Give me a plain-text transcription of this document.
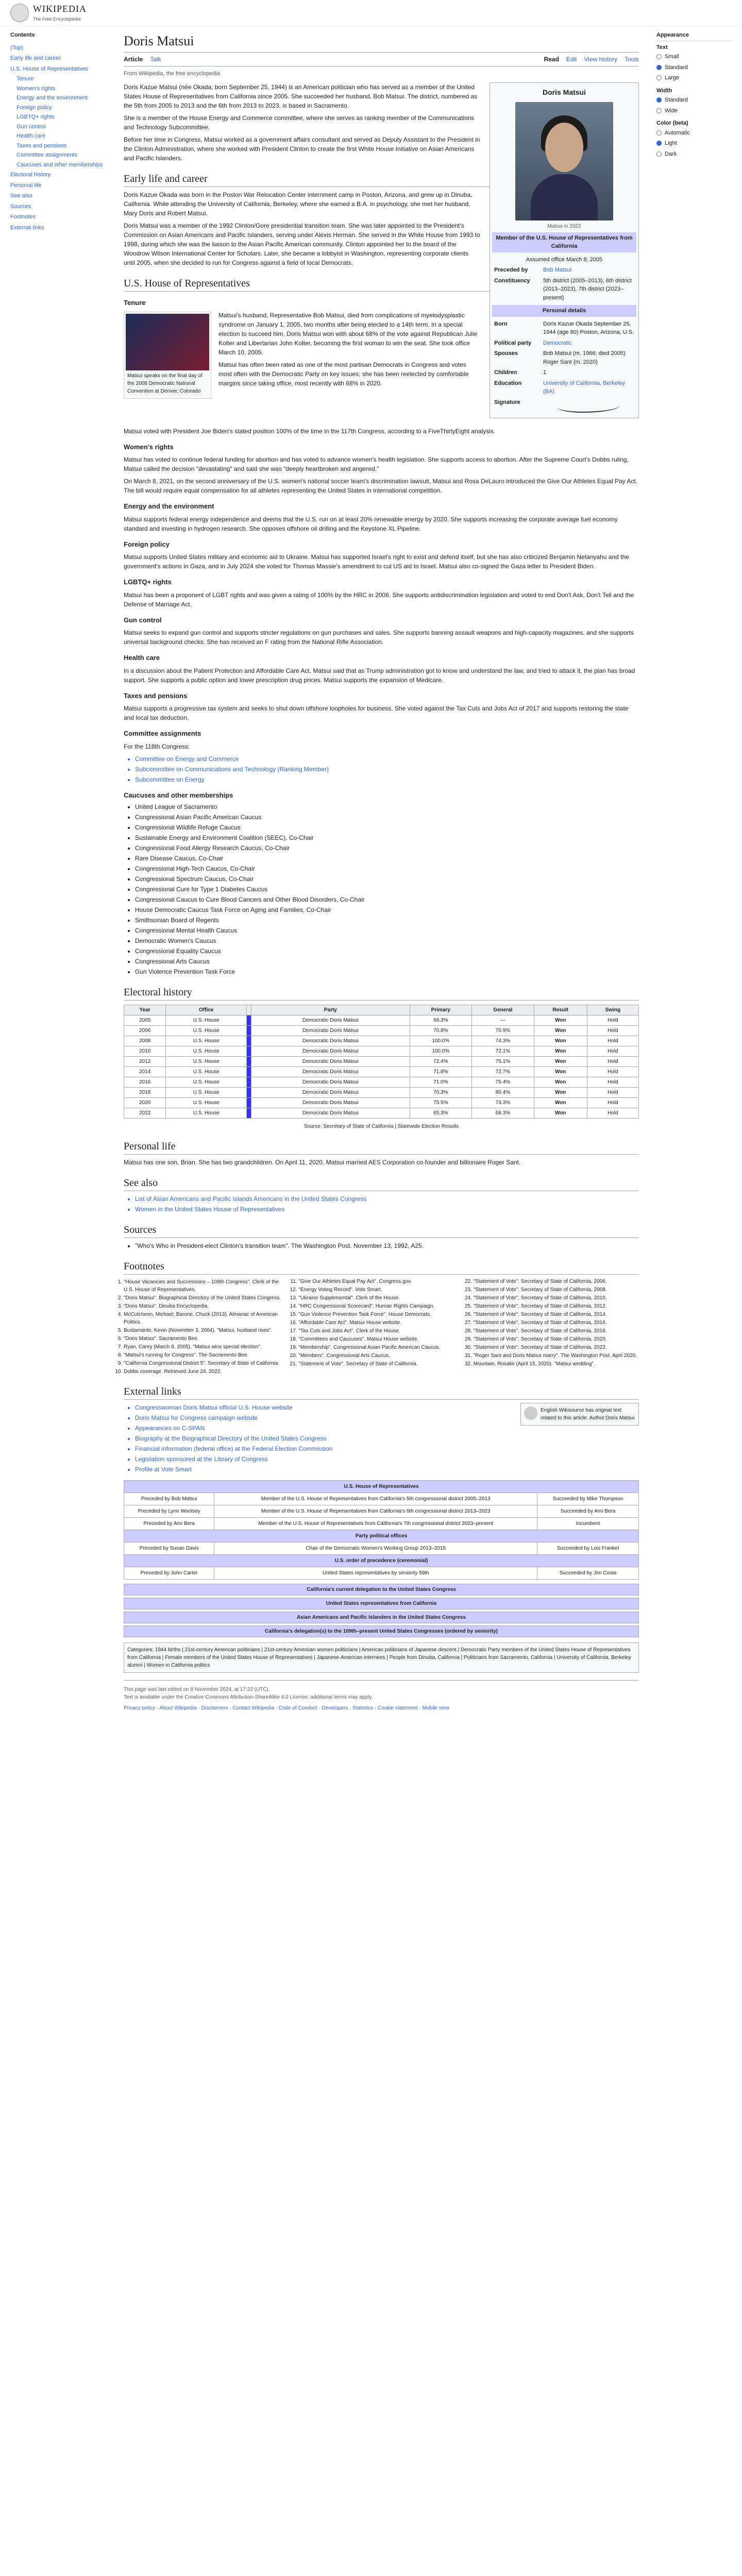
WIKIPEDIA
The Free Encyclopedia
Contents
(Top)
Early life and career
U.S. House of Representatives
Tenure
Women's rights
Energy and the environment
Foreign policy
LGBTQ+ rights
Gun control
Health care
Taxes and pensions
Committee assignments
Caucuses and other memberships
Electoral history
Personal life
See also
Sources
Footnotes
External links
Doris Matsui
Article Talk	Read Edit View history Tools
From Wikipedia, the free encyclopedia
Doris Matsui
Matsui in 2022
Member of the U.S. House of Representatives from California
Assumed office March 8, 2005
Preceded by	Bob Matsui
Constituency	5th district (2005–2013), 6th district (2013–2023), 7th district (2023–present)
Personal details
Born	Doris Kazue Okada September 25, 1944 (age 80) Poston, Arizona, U.S.
Political party	Democratic
Spouses	Bob Matsui (m. 1966; died 2005) Roger Sant (m. 2020)
Children	1
Education	University of California, Berkeley (BA)
Signature

Doris Kazue Matsui (née Okada; born September 25, 1944) is an American politician who has served as a member of the United States House of Representatives from California since 2005. She succeeded her husband, Bob Matsui. The district, numbered as the 5th from 2005 to 2013 and the 6th from 2013 to 2023, is based in Sacramento.

She is a member of the House Energy and Commerce committee, where she serves as ranking member of the Communications and Technology Subcommittee.

Before her time in Congress, Matsui worked as a government affairs consultant and served as Deputy Assistant to the President in the Clinton Administration, where she worked with President Clinton to create the first White House Initiative on Asian Americans and Pacific Islanders.

Early life and career

Doris Kazue Okada was born in the Poston War Relocation Center internment camp in Poston, Arizona, and grew up in Dinuba, California. While attending the University of California, Berkeley, where she earned a B.A. in psychology, she met her husband, Mary Doris and Robert Matsui.

Doris Matsui was a member of the 1992 Clinton/Gore presidential transition team. She was later appointed to the President's Commission on Asian Americans and Pacific Islanders, serving under Alexis Herman. She served in the White House from 1993 to 1998, during which she was the liaison to the Asian Pacific American community. Clinton appointed her to the board of the Woodrow Wilson International Center for Scholars. Later, she became a lobbyist in Washington, representing corporate clients until 2005, when she decided to run for Congress against a field of local Democrats.

U.S. House of Representatives
Tenure
Matsui speaks on the final day of the 2008 Democratic National Convention at Denver, Colorado

Matsui's husband, Representative Bob Matsui, died from complications of myelodysplastic syndrome on January 1, 2005, two months after being elected to a 14th term. In a special election to succeed him, Doris Matsui won with about 68% of the vote against Republican Julie Kolter and Libertarian John Kolter, becoming the first woman to win the seat. She took office March 10, 2005.

Matsui has often been rated as one of the most partisan Democrats in Congress and votes most often with the Democratic Party on key issues; she has been reelected by comfortable margins since taking office, most recently with 68% in 2020.

Matsui voted with President Joe Biden's stated position 100% of the time in the 117th Congress, according to a FiveThirtyEight analysis.

Women's rights

Matsui has voted to continue federal funding for abortion and has voted to advance women's health legislation. She supports access to abortion. After the Supreme Court's Dobbs ruling, Matsui called the decision "devastating" and said she was "deeply heartbroken and angered."

On March 8, 2021, on the second anniversary of the U.S. women's national soccer team's discrimination lawsuit, Matsui and Rosa DeLauro introduced the Give Our Athletes Equal Pay Act. The bill would require equal compensation for all athletes representing the United States in international competition.

Energy and the environment

Matsui supports federal energy independence and deems that the U.S. run on at least 20% renewable energy by 2020. She supports increasing the corporate average fuel economy standard and investing in hydrogen research. She opposes offshore oil drilling and the Keystone XL Pipeline.

Foreign policy

Matsui supports United States military and economic aid to Ukraine. Matsui has supported Israel's right to exist and defend itself, but she has also criticized Benjamin Netanyahu and the government's actions in Gaza, and in July 2024 she voted for Thomas Massie's amendment to cut US aid to Israel. Matsui also co-signed the Gaza letter to President Biden.

LGBTQ+ rights

Matsui has been a proponent of LGBT rights and was given a rating of 100% by the HRC in 2006. She supports antidiscrimination legislation and voted to end Don't Ask, Don't Tell and the Defense of Marriage Act.

Gun control

Matsui seeks to expand gun control and supports stricter regulations on gun purchases and sales. She supports banning assault weapons and high-capacity magazines, and she supports universal background checks. She has received an F rating from the National Rifle Association.

Health care

In a discussion about the Patient Protection and Affordable Care Act, Matsui said that as Trump administration got to know and understand the law, and tried to attack it, the plan has broad support. She supports a public option and lower prescription drug prices. Matsui supports the expansion of Medicare.

Taxes and pensions

Matsui supports a progressive tax system and seeks to shut down offshore loopholes for business. She voted against the Tax Cuts and Jobs Act of 2017 and supports restoring the state and local tax deduction.

Committee assignments

For the 118th Congress:

• Committee on Energy and Commerce
• Subcommittee on Communications and Technology (Ranking Member)
• Subcommittee on Energy
Caucuses and other memberships
• United League of Sacramento
• Congressional Asian Pacific American Caucus
• Congressional Wildlife Refuge Caucus
• Sustainable Energy and Environment Coalition (SEEC), Co-Chair
• Congressional Food Allergy Research Caucus, Co-Chair
• Rare Disease Caucus, Co-Chair
• Congressional High-Tech Caucus, Co-Chair
• Congressional Spectrum Caucus, Co-Chair
• Congressional Cure for Type 1 Diabetes Caucus
• Congressional Caucus to Cure Blood Cancers and Other Blood Disorders, Co-Chair
• House Democratic Caucus Task Force on Aging and Families, Co-Chair
• Smithsonian Board of Regents
• Congressional Mental Health Caucus
• Democratic Women's Caucus
• Congressional Equality Caucus
• Congressional Arts Caucus
• Gun Violence Prevention Task Force
Electoral history
Year	Office		Party	Primary	General	Result	Swing
2005	U.S. House		Democratic Doris Matsui	68.3%	—	Won	Hold
2006	U.S. House		Democratic Doris Matsui	70.8%	70.9%	Won	Hold
2008	U.S. House		Democratic Doris Matsui	100.0%	74.3%	Won	Hold
2010	U.S. House		Democratic Doris Matsui	100.0%	72.1%	Won	Hold
2012	U.S. House		Democratic Doris Matsui	72.4%	75.1%	Won	Hold
2014	U.S. House		Democratic Doris Matsui	71.8%	72.7%	Won	Hold
2016	U.S. House		Democratic Doris Matsui	71.0%	75.4%	Won	Hold
2018	U.S. House		Democratic Doris Matsui	70.3%	80.4%	Won	Hold
2020	U.S. House		Democratic Doris Matsui	75.5%	73.3%	Won	Hold
2022	U.S. House		Democratic Doris Matsui	65.3%	68.3%	Won	Hold

Source: Secretary of State of California | Statewide Election Results

Personal life

Matsui has one son, Brian. She has two grandchildren. On April 11, 2020, Matsui married AES Corporation co-founder and billionaire Roger Sant.

See also
• List of Asian Americans and Pacific Islands Americans in the United States Congress
• Women in the United States House of Representatives
Sources
• "Who's Who in President-elect Clinton's transition team". The Washington Post. November 13, 1992, A25.
Footnotes
1. "House Vacancies and Successions – 109th Congress". Clerk of the U.S. House of Representatives.
2. "Doris Matsui". Biographical Directory of the United States Congress.
3. "Doris Matsui". Dinuba Encyclopedia.
4. McCutcheon, Michael; Barone, Chuck (2013). Almanac of American Politics.
5. Bustamante, Kevin (November 3, 2004). "Matsui, husband rises".
6. "Doris Matsui". Sacramento Bee.
7. Ryan, Carey (March 8, 2005). "Matsui wins special election".
8. "Matsui's running for Congress". The Sacramento Bee.
9. "California Congressional District 5". Secretary of State of California.
10. Dobbs coverage. Retrieved June 24, 2022.
11. "Give Our Athletes Equal Pay Act". Congress.gov.
12. "Energy Voting Record". Vote Smart.
13. "Ukraine Supplemental". Clerk of the House.
14. "HRC Congressional Scorecard". Human Rights Campaign.
15. "Gun Violence Prevention Task Force". House Democrats.
16. "Affordable Care Act". Matsui House website.
17. "Tax Cuts and Jobs Act". Clerk of the House.
18. "Committees and Caucuses". Matsui House website.
19. "Membership". Congressional Asian Pacific American Caucus.
20. "Members". Congressional Arts Caucus.
21. "Statement of Vote". Secretary of State of California.
22. "Statement of Vote". Secretary of State of California, 2006.
23. "Statement of Vote". Secretary of State of California, 2008.
24. "Statement of Vote". Secretary of State of California, 2010.
25. "Statement of Vote". Secretary of State of California, 2012.
26. "Statement of Vote". Secretary of State of California, 2014.
27. "Statement of Vote". Secretary of State of California, 2016.
28. "Statement of Vote". Secretary of State of California, 2018.
29. "Statement of Vote". Secretary of State of California, 2020.
30. "Statement of Vote". Secretary of State of California, 2022.
31. "Roger Sant and Doris Matsui marry". The Washington Post. April 2020.
32. Mountain, Rosalie (April 15, 2020). "Matsui wedding".
External links
English Wikisource has original text related to this article: Author:Doris Matsui
• Congresswoman Doris Matsui official U.S. House website
• Doris Matsui for Congress campaign website
• Appearances on C-SPAN
• Biography at the Biographical Directory of the United States Congress
• Financial information (federal office) at the Federal Election Commission
• Legislation sponsored at the Library of Congress
• Profile at Vote Smart
U.S. House of Representatives		
Preceded by Bob Matsui	Member of the U.S. House of Representatives from California's 5th congressional district 2005–2013	Succeeded by Mike Thompson
Preceded by Lynn Woolsey	Member of the U.S. House of Representatives from California's 6th congressional district 2013–2023	Succeeded by Ami Bera
Preceded by Ami Bera	Member of the U.S. House of Representatives from California's 7th congressional district 2023–present	Incumbent
Party political offices		
Preceded by Susan Davis	Chair of the Democratic Women's Working Group 2013–2015	Succeeded by Lois Frankel
U.S. order of precedence (ceremonial)		
Preceded by John Carter	United States representatives by seniority 59th	Succeeded by Jim Costa
California's current delegation to the United States Congress
United States representatives from California
Asian Americans and Pacific Islanders in the United States Congress
California's delegation(s) to the 109th–present United States Congresses (ordered by seniority)
Categories: 1944 births | 21st-century American politicians | 21st-century American women politicians | American politicians of Japanese descent | Democratic Party members of the United States House of Representatives from California | Female members of the United States House of Representatives | Japanese-American internees | People from Dinuba, California | Politicians from Sacramento, California | University of California, Berkeley alumni | Women in California politics
This page was last edited on 8 November 2024, at 17:22 (UTC).
Text is available under the Creative Commons Attribution-ShareAlike 4.0 License; additional terms may apply.
Privacy policy · About Wikipedia · Disclaimers · Contact Wikipedia · Code of Conduct · Developers · Statistics · Cookie statement · Mobile view
Appearance
Text
Small
Standard
Large
Width
Standard
Wide
Color (beta)
Automatic
Light
Dark
